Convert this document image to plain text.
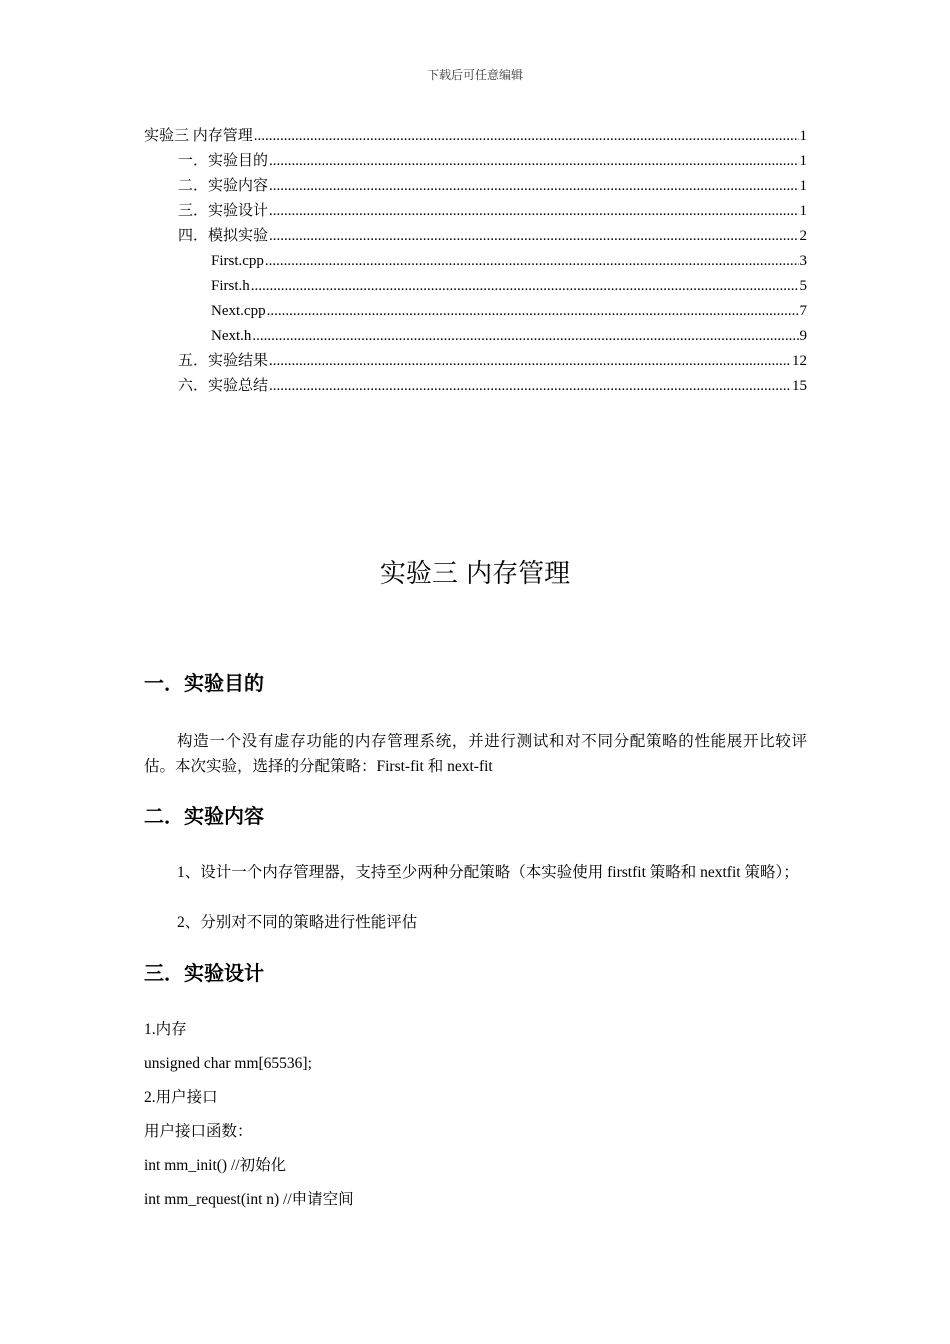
下载后可任意编辑
实验三 内存管理 .....	1
一．实验目的 .....	1
二．实验内容 .....	1
三．实验设计 .....	1
四．模拟实验 .....	2
First.cpp .....	3
First.h .....	5
Next.cpp .....	7
Next.h .....	9
五．实验结果 .....	12
六．实验总结 .....	15
实验三 内存管理
一．实验目的
构造一个没有虚存功能的内存管理系统，并进行测试和对不同分配策略的性能展开比较评估。本次实验，选择的分配策略：First-fit 和 next-fit
二．实验内容
1、设计一个内存管理器，支持至少两种分配策略（本实验使用 firstfit 策略和 nextfit 策略）；
2、分别对不同的策略进行性能评估
三．实验设计
1.内存
unsigned char mm[65536];
2.用户接口
用户接口函数：
int mm_init() //初始化
int mm_request(int n) //申请空间
